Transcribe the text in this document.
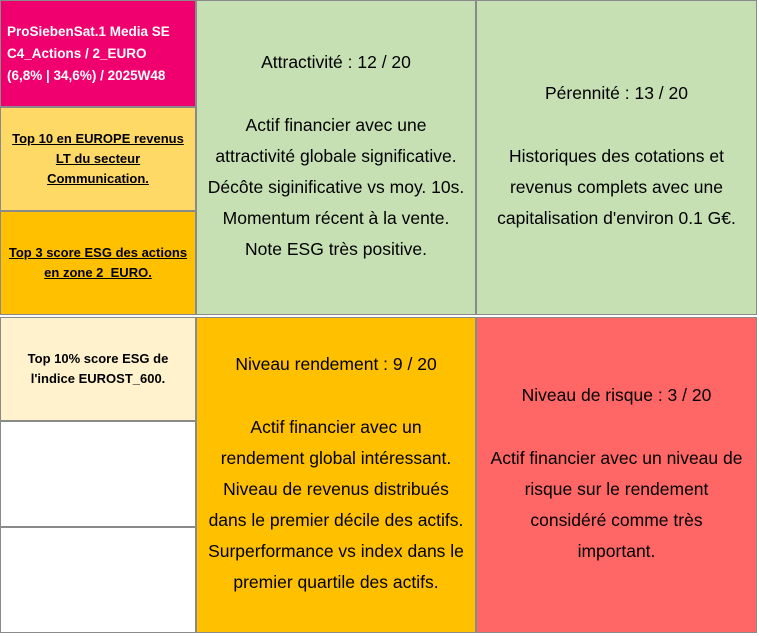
ProSiebenSat.1 Media SE
C4_Actions / 2_EURO
(6,8% | 34,6%) / 2025W48
Top 10 en EUROPE revenus
LT du secteur
Communication.
Top 3 score ESG des actions
en zone 2_EURO.
Top 10% score ESG de
l'indice EUROST_600.
Attractivité : 12 / 20
Actif financier avec une
attractivité globale significative.
Décôte siginificative vs moy. 10s.
Momentum récent à la vente.
Note ESG très positive.
Pérennité : 13 / 20
Historiques des cotations et
revenus complets avec une
capitalisation d'environ 0.1 G€.
Niveau rendement : 9 / 20
Actif financier avec un
rendement global intéressant.
Niveau de revenus distribués
dans le premier décile des actifs.
Surperformance vs index dans le
premier quartile des actifs.
Niveau de risque : 3 / 20
Actif financier avec un niveau de
risque sur le rendement
considéré comme très
important.
